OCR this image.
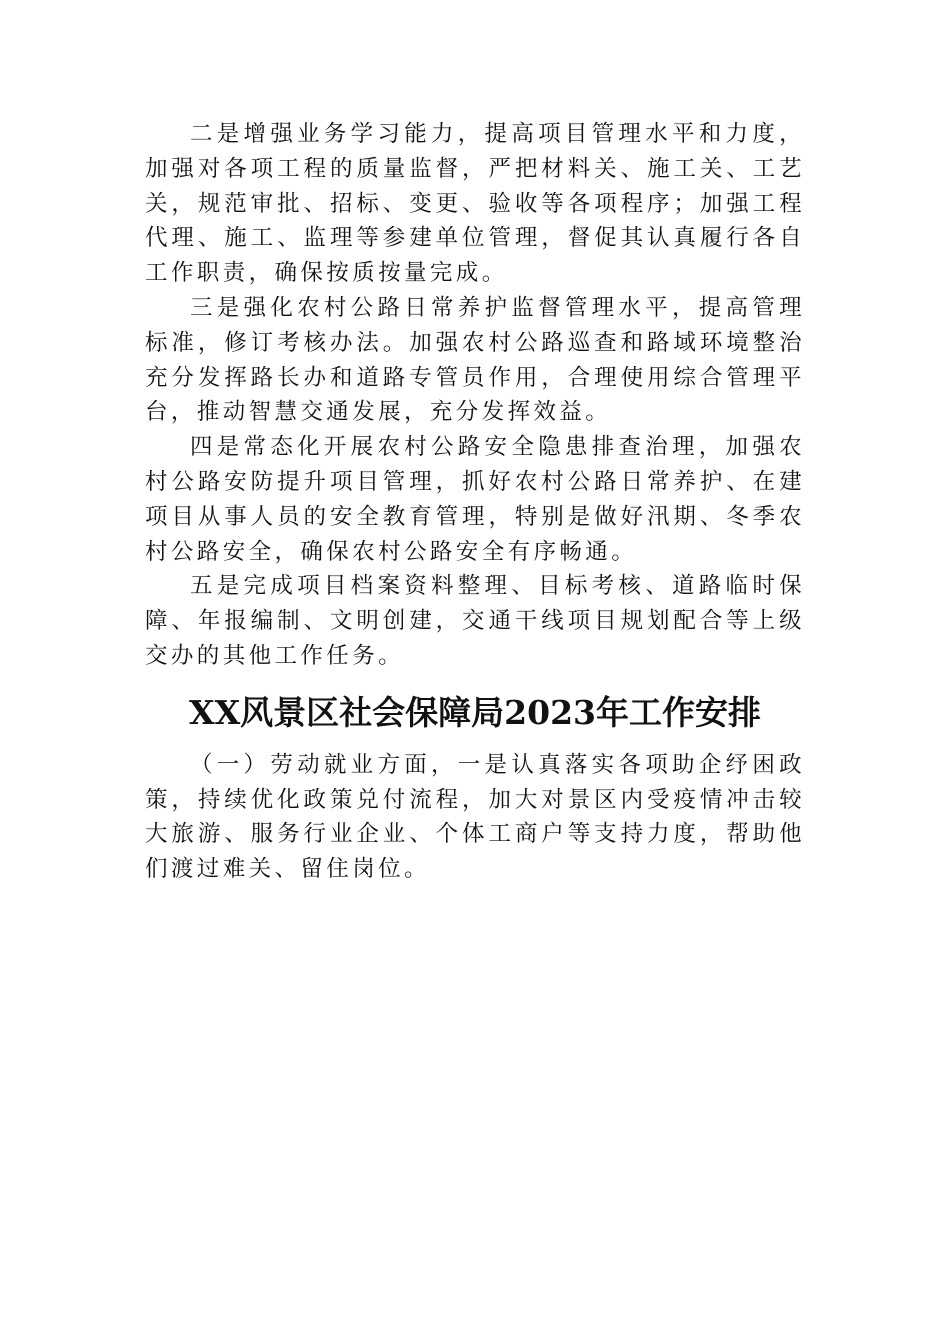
二是增强业务学习能力，提高项目管理水平和力度，加强对各项工程的质量监督，严把材料关、施工关、工艺关，规范审批、招标、变更、验收等各项程序；加强工程代理、施工、监理等参建单位管理，督促其认真履行各自工作职责，确保按质按量完成。

三是强化农村公路日常养护监督管理水平，提高管理标准，修订考核办法。加强农村公路巡查和路域环境整治充分发挥路长办和道路专管员作用，合理使用综合管理平台，推动智慧交通发展，充分发挥效益。

四是常态化开展农村公路安全隐患排查治理，加强农村公路安防提升项目管理，抓好农村公路日常养护、在建项目从事人员的安全教育管理，特别是做好汛期、冬季农村公路安全，确保农村公路安全有序畅通。

五是完成项目档案资料整理、目标考核、道路临时保障、年报编制、文明创建，交通干线项目规划配合等上级交办的其他工作任务。

XX风景区社会保障局2023年工作安排

（一）劳动就业方面，一是认真落实各项助企纾困政策，持续优化政策兑付流程，加大对景区内受疫情冲击较大旅游、服务行业企业、个体工商户等支持力度，帮助他们渡过难关、留住岗位。
